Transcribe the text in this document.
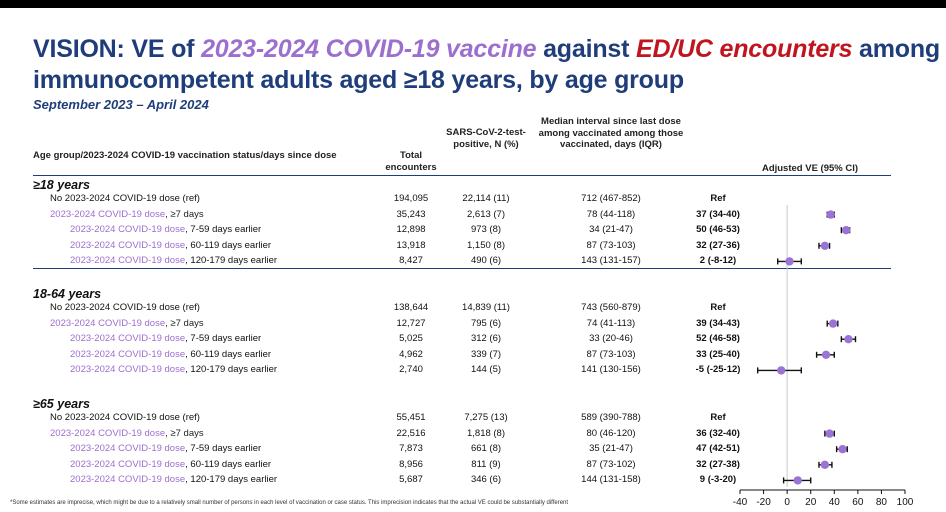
VISION: VE of 2023-2024 COVID-19 vaccine against ED/UC encounters among
immunocompetent adults aged ≥18 years, by age group
September 2023 – April 2024
Age group/2023-2024 COVID-19 vaccination status/days since dose	Total encounters
SARS-CoV-2-test-positive, N (%)
Median interval since last dose among vaccinated among those vaccinated, days (IQR)
Adjusted VE (95% CI)
≥18 years
No 2023-2024 COVID-19 dose (ref)	194,095	22,114 (11)	712 (467-852)	Ref
2023-2024 COVID-19 dose, ≥7 days	35,243	2,613 (7)	78 (44-118)	37 (34-40)
2023-2024 COVID-19 dose, 7-59 days earlier	12,898	973 (8)	34 (21-47)	50 (46-53)
2023-2024 COVID-19 dose, 60-119 days earlier	13,918	1,150 (8)	87 (73-103)	32 (27-36)
2023-2024 COVID-19 dose, 120-179 days earlier	8,427	490 (6)	143 (131-157)	2 (-8-12)
18-64 years
No 2023-2024 COVID-19 dose (ref)	138,644	14,839 (11)	743 (560-879)	Ref
2023-2024 COVID-19 dose, ≥7 days	12,727	795 (6)	74 (41-113)	39 (34-43)
2023-2024 COVID-19 dose, 7-59 days earlier	5,025	312 (6)	33 (20-46)	52 (46-58)
2023-2024 COVID-19 dose, 60-119 days earlier	4,962	339 (7)	87 (73-103)	33 (25-40)
2023-2024 COVID-19 dose, 120-179 days earlier	2,740	144 (5)	141 (130-156)	-5 (-25-12)
≥65 years
No 2023-2024 COVID-19 dose (ref)	55,451	7,275 (13)	589 (390-788)	Ref
2023-2024 COVID-19 dose, ≥7 days	22,516	1,818 (8)	80 (46-120)	36 (32-40)
2023-2024 COVID-19 dose, 7-59 days earlier	7,873	661 (8)	35 (21-47)	47 (42-51)
2023-2024 COVID-19 dose, 60-119 days earlier	8,956	811 (9)	87 (73-102)	32 (27-38)
2023-2024 COVID-19 dose, 120-179 days earlier	5,687	346 (6)	144 (131-158)	9 (-3-20)
-40 -20 0 20 40 60 80 100
*Some estimates are imprecise, which might be due to a relatively small number of persons in each level of vaccination or case status. This imprecision indicates that the actual VE could be substantially different
